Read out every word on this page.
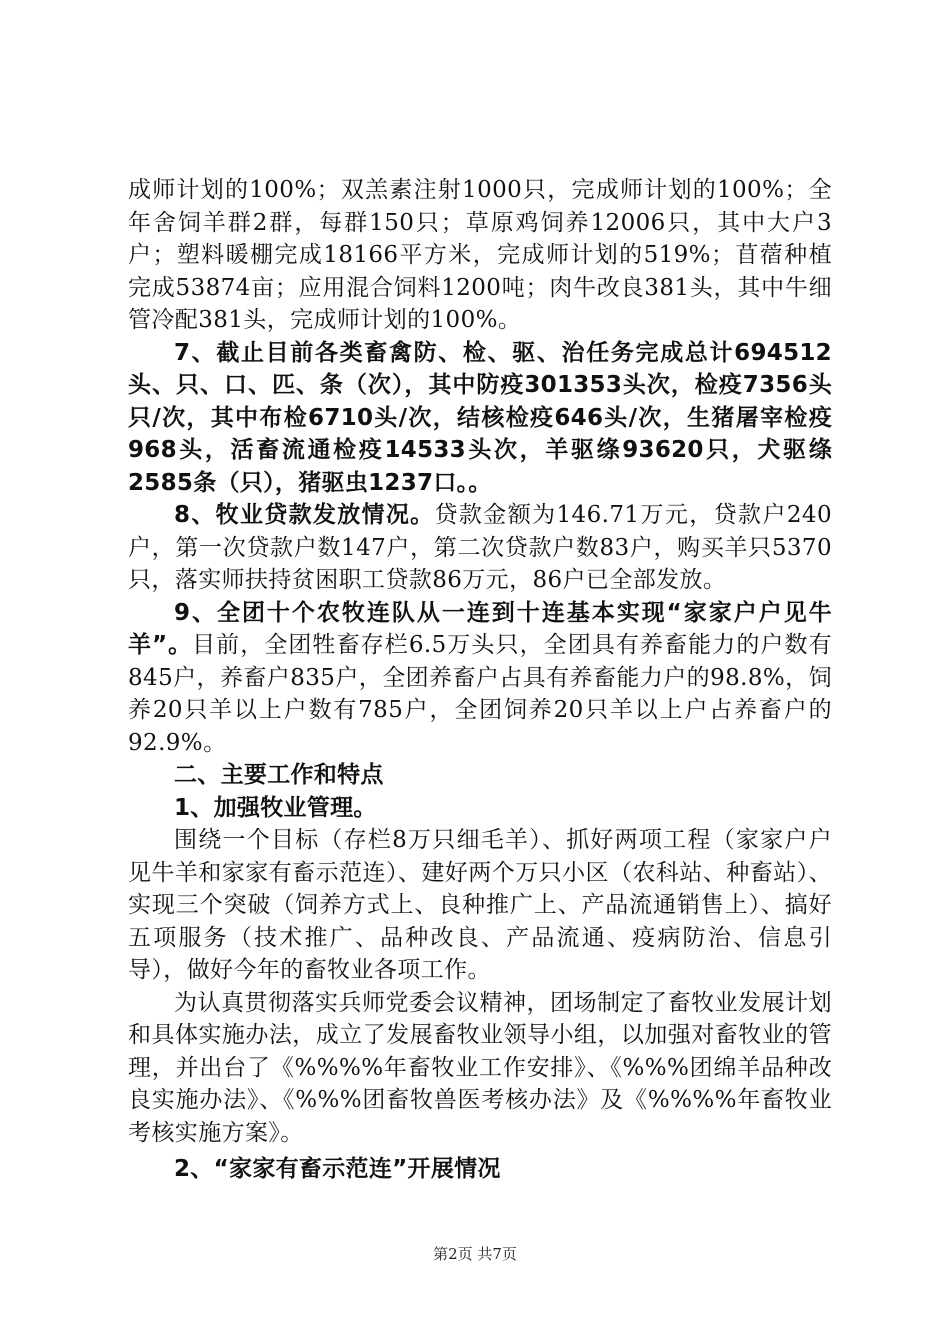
成师计划的100%；双羔素注射1000只，完成师计划的100%；全年舍饲羊群2群，每群150只；草原鸡饲养12006只，其中大户3户；塑料暖棚完成18166平方米，完成师计划的519%；苜蓿种植完成53874亩；应用混合饲料1200吨；肉牛改良381头，其中牛细管冷配381头，完成师计划的100%。

7、截止目前各类畜禽防、检、驱、治任务完成总计694512头、只、口、匹、条（次），其中防疫301353头次，检疫7356头只/次，其中布检6710头/次，结核检疫646头/次，生猪屠宰检疫968头，活畜流通检疫14533头次，羊驱绦93620只，犬驱绦2585条（只），猪驱虫1237口。。

8、牧业贷款发放情况。贷款金额为146.71万元，贷款户240户，第一次贷款户数147户，第二次贷款户数83户，购买羊只5370只，落实师扶持贫困职工贷款86万元，86户已全部发放。

9、全团十个农牧连队从一连到十连基本实现“家家户户见牛羊”。目前，全团牲畜存栏6.5万头只，全团具有养畜能力的户数有845户，养畜户835户，全团养畜户占具有养畜能力户的98.8%，饲养20只羊以上户数有785户，全团饲养20只羊以上户占养畜户的92.9%。

二、主要工作和特点

1、加强牧业管理。

围绕一个目标（存栏8万只细毛羊）、抓好两项工程（家家户户见牛羊和家家有畜示范连）、建好两个万只小区（农科站、种畜站）、实现三个突破（饲养方式上、良种推广上、产品流通销售上）、搞好五项服务（技术推广、品种改良、产品流通、疫病防治、信息引导），做好今年的畜牧业各项工作。

为认真贯彻落实兵师党委会议精神，团场制定了畜牧业发展计划和具体实施办法，成立了发展畜牧业领导小组，以加强对畜牧业的管理，并出台了《%%%%年畜牧业工作安排》、《%%%团绵羊品种改良实施办法》、《%%%团畜牧兽医考核办法》及《%%%%年畜牧业考核实施方案》。

2、“家家有畜示范连”开展情况

第2页 共7页
